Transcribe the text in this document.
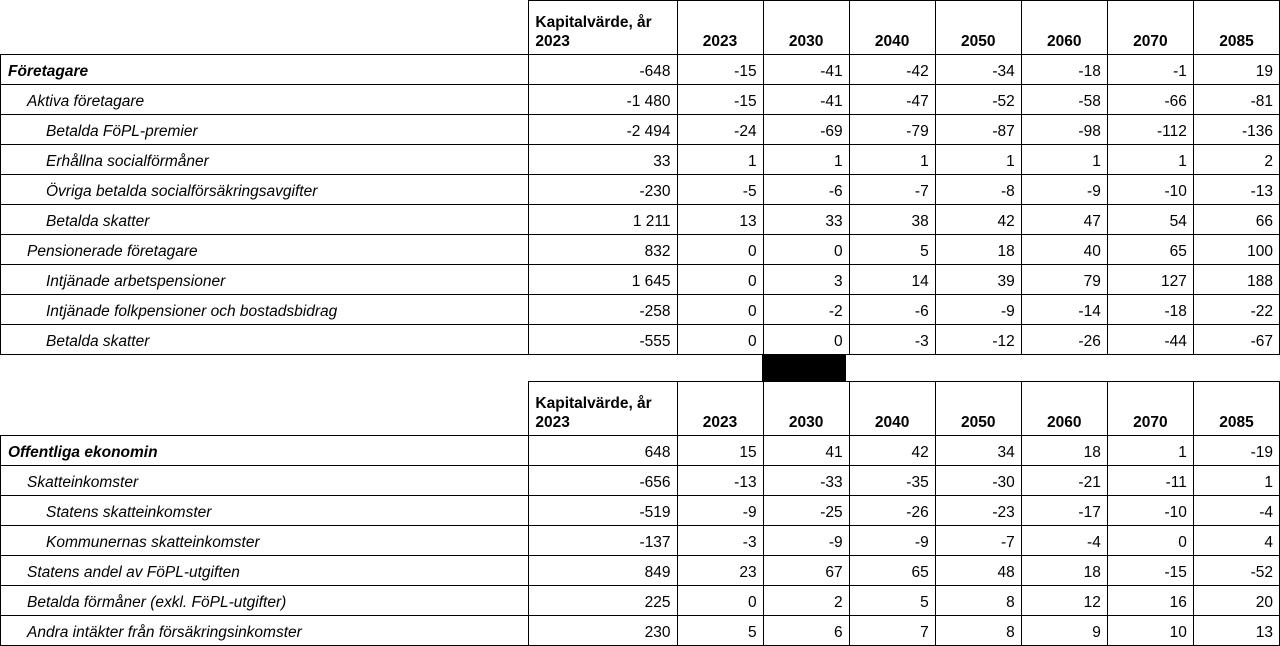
	Kapitalvärde, år 2023	2023	2030	2040	2050	2060	2070	2085
Företagare	-648	-15	-41	-42	-34	-18	-1	19
Aktiva företagare	-1 480	-15	-41	-47	-52	-58	-66	-81
Betalda FöPL-premier	-2 494	-24	-69	-79	-87	-98	-112	-136
Erhållna socialförmåner	33	1	1	1	1	1	1	2
Övriga betalda socialförsäkringsavgifter	-230	-5	-6	-7	-8	-9	-10	-13
Betalda skatter	1 211	13	33	38	42	47	54	66
Pensionerade företagare	832	0	0	5	18	40	65	100
Intjänade arbetspensioner	1 645	0	3	14	39	79	127	188
Intjänade folkpensioner och bostadsbidrag	-258	0	-2	-6	-9	-14	-18	-22
Betalda skatter	-555	0	0	-3	-12	-26	-44	-67
	Kapitalvärde, år 2023	2023	2030	2040	2050	2060	2070	2085
Offentliga ekonomin	648	15	41	42	34	18	1	-19
Skatteinkomster	-656	-13	-33	-35	-30	-21	-11	1
Statens skatteinkomster	-519	-9	-25	-26	-23	-17	-10	-4
Kommunernas skatteinkomster	-137	-3	-9	-9	-7	-4	0	4
Statens andel av FöPL-utgiften	849	23	67	65	48	18	-15	-52
Betalda förmåner (exkl. FöPL-utgifter)	225	0	2	5	8	12	16	20
Andra intäkter från försäkringsinkomster	230	5	6	7	8	9	10	13
